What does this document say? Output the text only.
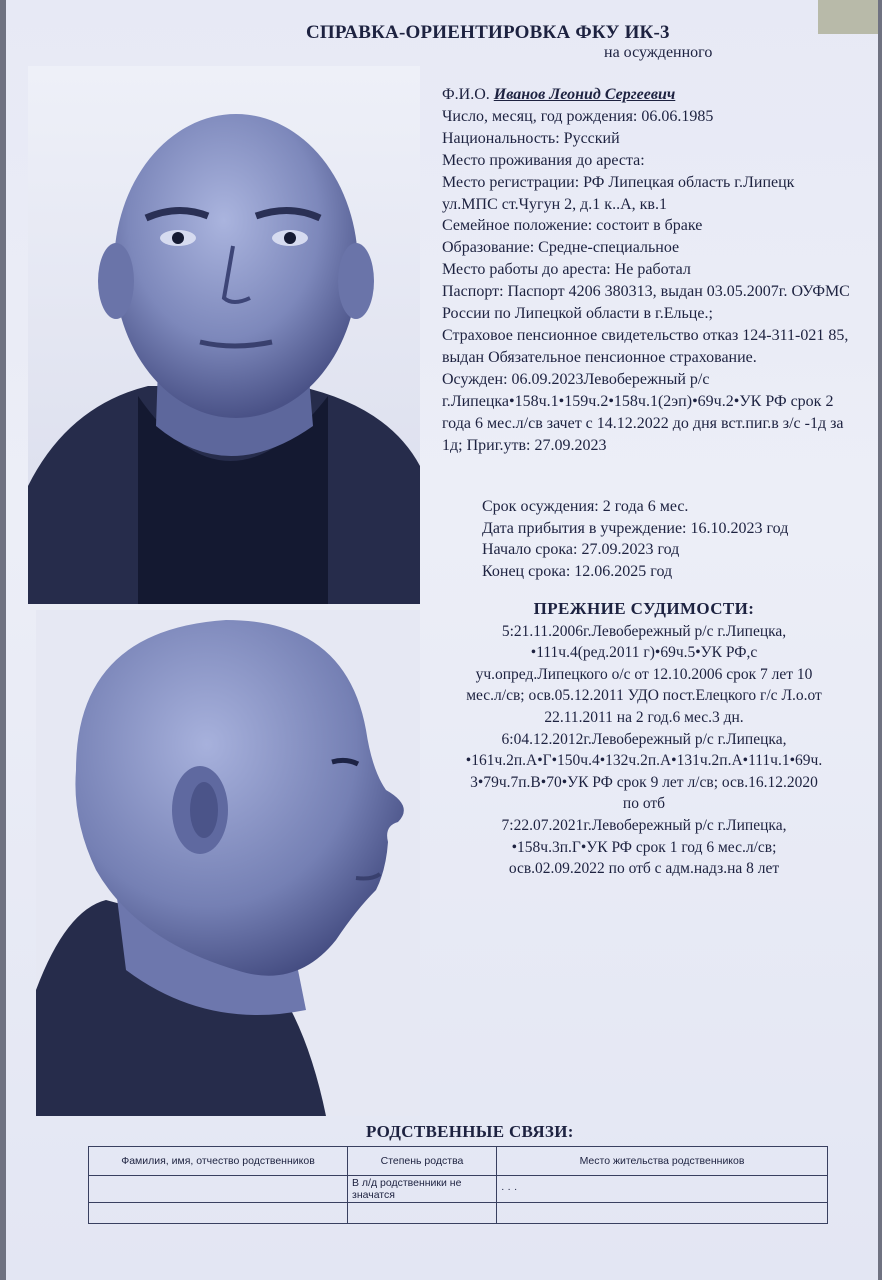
СПРАВКА-ОРИЕНТИРОВКА ФКУ ИК-3
на осужденного
Ф.И.О. Иванов Леонид Сергеевич
Число, месяц, год рождения: 06.06.1985
Национальность: Русский
Место проживания до ареста:
Место регистрации: РФ Липецкая область г.Липецк ул.МПС ст.Чугун 2, д.1 к..А, кв.1
Семейное положение: состоит в браке
Образование: Средне-специальное
Место работы до ареста: Не работал
Паспорт: Паспорт 4206 380313, выдан 03.05.2007г. ОУФМС России по Липецкой области в г.Ельце.;
Страховое пенсионное свидетельство отказ 124-311-021 85, выдан Обязательное пенсионное страхование.
Осужден: 06.09.2023Левобережный р/с г.Липецка•158ч.1•159ч.2•158ч.1(2эп)•69ч.2•УК РФ срок 2 года 6 мес.л/св зачет с 14.12.2022 до дня вст.пиг.в з/с -1д за 1д; Приг.утв: 27.09.2023
Срок осуждения: 2 года 6 мес.
Дата прибытия в учреждение: 16.10.2023 год
Начало срока: 27.09.2023 год
Конец срока: 12.06.2025 год
ПРЕЖНИЕ СУДИМОСТИ:
5:21.11.2006г.Левобережный р/с г.Липецка,
•111ч.4(ред.2011 г)•69ч.5•УК РФ,с
уч.опред.Липецкого о/с от 12.10.2006 срок 7 лет 10
мес.л/св; осв.05.12.2011 УДО пост.Елецкого г/с Л.о.от
22.11.2011 на 2 год.6 мес.3 дн.
6:04.12.2012г.Левобережный р/с г.Липецка,
•161ч.2п.А•Г•150ч.4•132ч.2п.А•131ч.2п.А•111ч.1•69ч.
3•79ч.7п.В•70•УК РФ срок 9 лет л/св; осв.16.12.2020
по отб
7:22.07.2021г.Левобережный р/с г.Липецка,
•158ч.3п.Г•УК РФ срок 1 год 6 мес.л/св;
осв.02.09.2022 по отб с адм.надз.на 8 лет
РОДСТВЕННЫЕ СВЯЗИ:
Фамилия, имя, отчество родственников	Степень родства	Место жительства родственников
	В л/д родственники не значатся	· · ·
